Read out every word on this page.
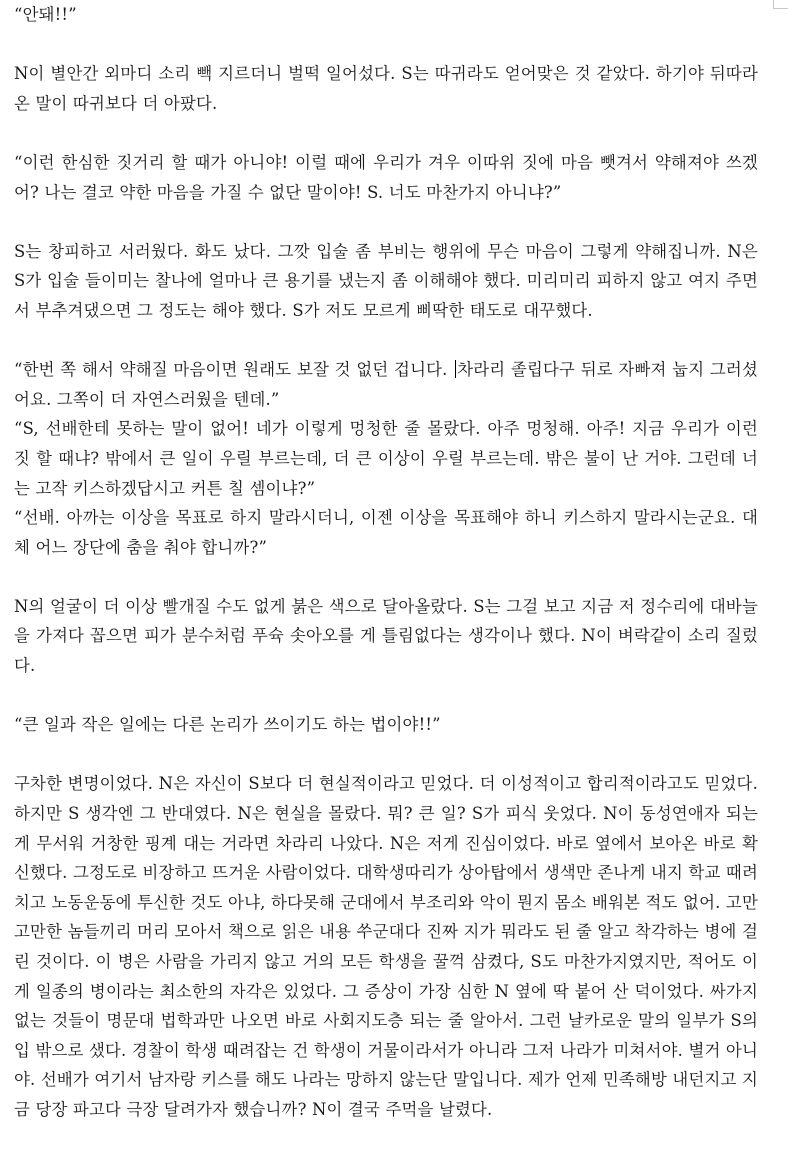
“안돼!!”

N이 별안간 외마디 소리 빽 지르더니 벌떡 일어섰다. S는 따귀라도 얻어맞은 것 같았다. 하기야 뒤따라온 말이 따귀보다 더 아팠다.

“이런 한심한 짓거리 할 때가 아니야! 이럴 때에 우리가 겨우 이따위 짓에 마음 뺏겨서 약해져야 쓰겠어? 나는 결코 약한 마음을 가질 수 없단 말이야! S. 너도 마찬가지 아니냐?”

S는 창피하고 서러웠다. 화도 났다. 그깟 입술 좀 부비는 행위에 무슨 마음이 그렇게 약해집니까. N은 S가 입술 들이미는 찰나에 얼마나 큰 용기를 냈는지 좀 이해해야 했다. 미리미리 피하지 않고 여지 주면서 부추겨댔으면 그 정도는 해야 했다. S가 저도 모르게 삐딱한 태도로 대꾸했다.

“한번 쪽 해서 약해질 마음이면 원래도 보잘 것 없던 겁니다. 차라리 졸립다구 뒤로 자빠져 눕지 그러셨어요. 그쪽이 더 자연스러웠을 텐데.”

“S, 선배한테 못하는 말이 없어! 네가 이렇게 멍청한 줄 몰랐다. 아주 멍청해. 아주! 지금 우리가 이런 짓 할 때냐? 밖에서 큰 일이 우릴 부르는데, 더 큰 이상이 우릴 부르는데. 밖은 불이 난 거야. 그런데 너는 고작 키스하겠답시고 커튼 칠 셈이냐?”

“선배. 아까는 이상을 목표로 하지 말라시더니, 이젠 이상을 목표해야 하니 키스하지 말라시는군요. 대체 어느 장단에 춤을 춰야 합니까?”

N의 얼굴이 더 이상 빨개질 수도 없게 붉은 색으로 달아올랐다. S는 그걸 보고 지금 저 정수리에 대바늘을 가져다 꼽으면 피가 분수처럼 푸슉 솟아오를 게 틀림없다는 생각이나 했다. N이 벼락같이 소리 질렀다.

“큰 일과 작은 일에는 다른 논리가 쓰이기도 하는 법이야!!”

구차한 변명이었다. N은 자신이 S보다 더 현실적이라고 믿었다. 더 이성적이고 합리적이라고도 믿었다. 하지만 S 생각엔 그 반대였다. N은 현실을 몰랐다. 뭐? 큰 일? S가 피식 웃었다. N이 동성연애자 되는 게 무서워 거창한 핑계 대는 거라면 차라리 나았다. N은 저게 진심이었다. 바로 옆에서 보아온 바로 확신했다. 그정도로 비장하고 뜨거운 사람이었다. 대학생따리가 상아탑에서 생색만 존나게 내지 학교 때려치고 노동운동에 투신한 것도 아냐, 하다못해 군대에서 부조리와 악이 뭔지 몸소 배워본 적도 없어. 고만고만한 놈들끼리 머리 모아서 책으로 읽은 내용 쑤군대다 진짜 지가 뭐라도 된 줄 알고 착각하는 병에 걸린 것이다. 이 병은 사람을 가리지 않고 거의 모든 학생을 꿀꺽 삼켰다, S도 마찬가지였지만, 적어도 이게 일종의 병이라는 최소한의 자각은 있었다. 그 증상이 가장 심한 N 옆에 딱 붙어 산 덕이었다. 싸가지 없는 것들이 명문대 법학과만 나오면 바로 사회지도층 되는 줄 알아서. 그런 날카로운 말의 일부가 S의 입 밖으로 샜다. 경찰이 학생 때려잡는 건 학생이 거물이라서가 아니라 그저 나라가 미쳐서야. 별거 아니야. 선배가 여기서 남자랑 키스를 해도 나라는 망하지 않는단 말입니다. 제가 언제 민족해방 내던지고 지금 당장 파고다 극장 달려가자 했습니까? N이 결국 주먹을 날렸다.
